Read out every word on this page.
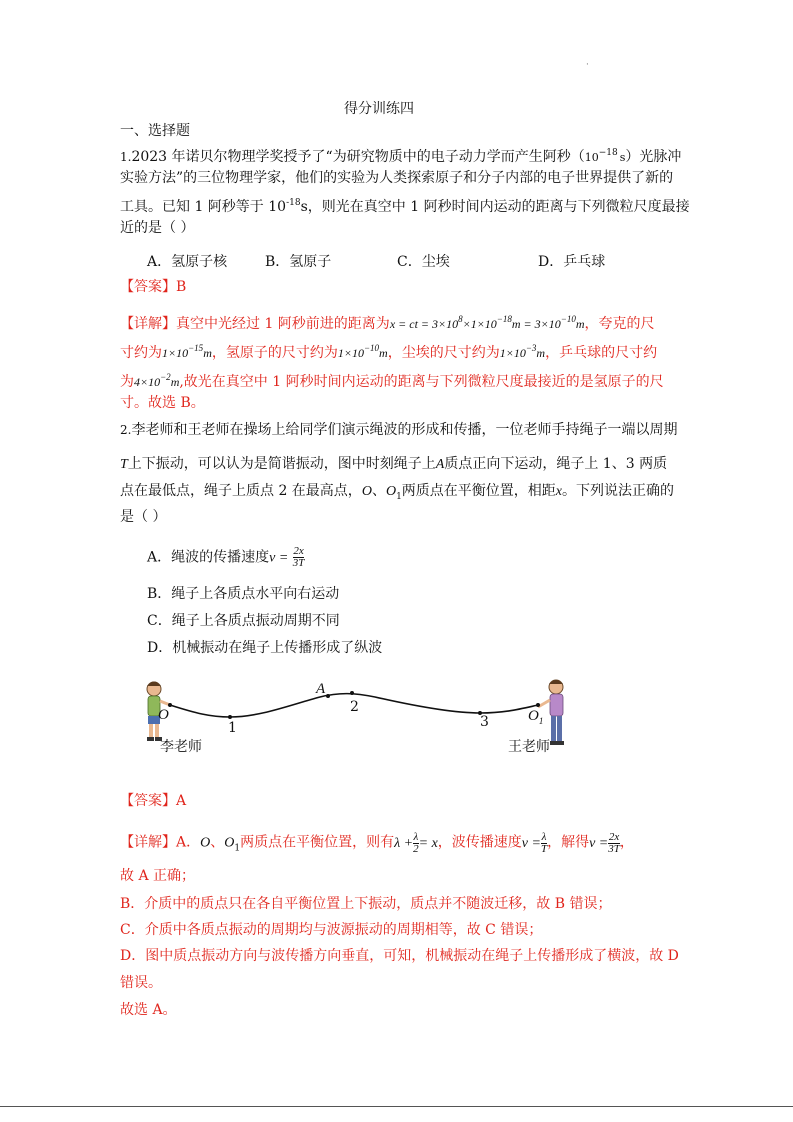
·
得分训练四
一、选择题
1.2023 年诺贝尔物理学奖授予了“为研究物质中的电子动力学而产生阿秒（$10^{-18}$ s）光脉冲
实验方法”的三位物理学家，他们的实验为人类探索原子和分子内部的电子世界提供了新的
工具。已知 1 阿秒等于 $10^{-18}s$，则光在真空中 1 阿秒时间内运动的距离与下列微粒尺度最接
近的是（ ）
A．氢原子核	B．氢原子	C．尘埃	D．乒乓球
【答案】B
【详解】真空中光经过 1 阿秒前进的距离为x = ct = $3\times 10^8\times 1\times 10^{-18}m = 3\times 10^{-10}m$，夸克的尺
寸约为$1\times 10^{-15}m$，氢原子的尺寸约为$1\times 10^{-10}m$，尘埃的尺寸约为$1\times 10^{-3}m$，乒乓球的尺寸约
为$4\times 10^{-2}m$,故光在真空中 1 阿秒时间内运动的距离与下列微粒尺度最接近的是氢原子的尺
寸。故选 B。
2.李老师和王老师在操场上给同学们演示绳波的形成和传播，一位老师手持绳子一端以周期
T上下振动，可以认为是简谐振动，图中时刻绳子上A质点正向下运动，绳子上 1、3 两质
点在最低点，绳子上质点 2 在最高点，O、$O_1$两质点在平衡位置，相距x。下列说法正确的
是（ ）
A．绳波的传播速度$v = \frac{2x}{3T}$
B．绳子上各质点水平向右运动
C．绳子上各质点振动周期不同
D．机械振动在绳子上传播形成了纵波
O
1
A
2
3	$O_1$
李老师	王老师
【答案】A
【详解】A．O、$O_1$两质点在平衡位置，则有$\lambda + \frac{\lambda}{2} = x$，波传播速度$v = \frac{\lambda}{T}$ ，解得$v = \frac{2x}{3T}$ ，
故 A 正确；
B．介质中的质点只在各自平衡位置上下振动，质点并不随波迁移，故 B 错误；
C．介质中各质点振动的周期均与波源振动的周期相等，故 C 错误；
D．图中质点振动方向与波传播方向垂直，可知，机械振动在绳子上传播形成了横波，故 D
错误。
故选 A。
